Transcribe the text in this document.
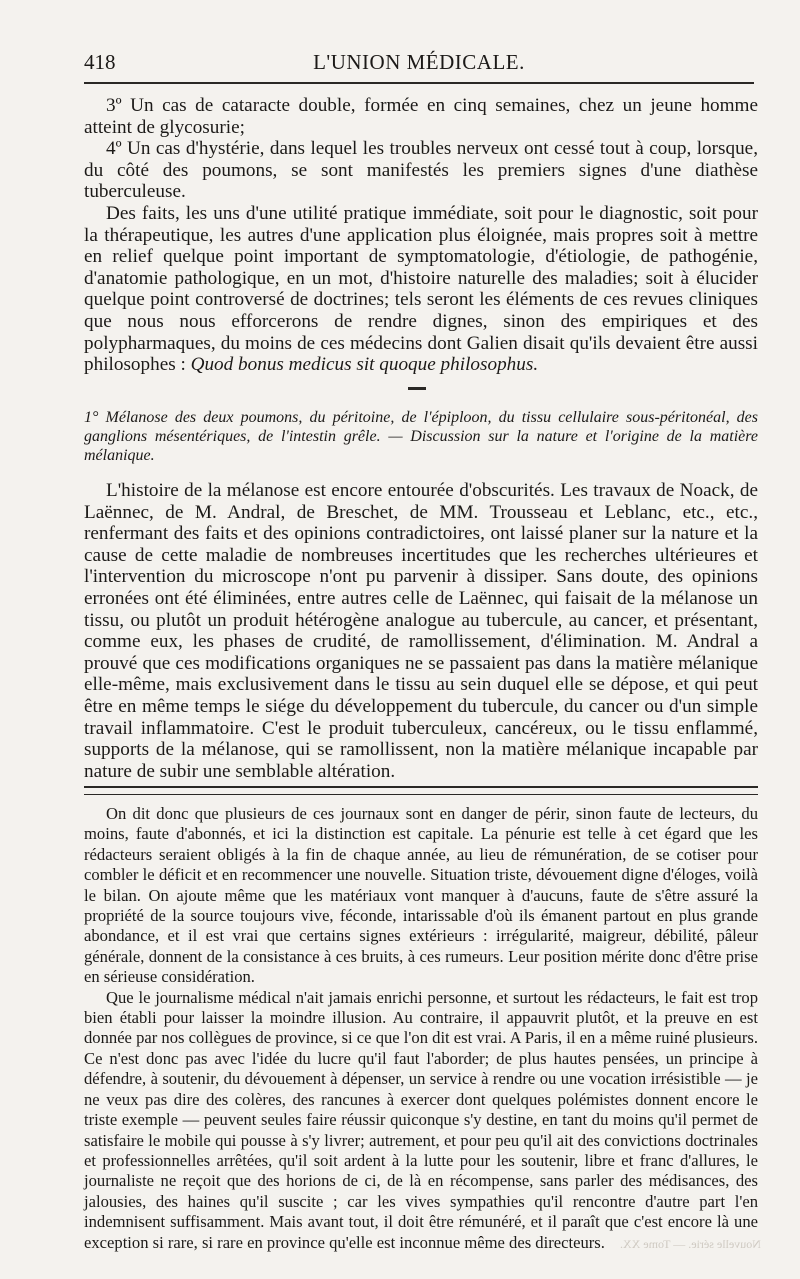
418	L'UNION MÉDICALE.

3º Un cas de cataracte double, formée en cinq semaines, chez un jeune homme atteint de glycosurie;

4º Un cas d'hystérie, dans lequel les troubles nerveux ont cessé tout à coup, lorsque, du côté des poumons, se sont manifestés les premiers signes d'une diathèse tuberculeuse.

Des faits, les uns d'une utilité pratique immédiate, soit pour le diagnostic, soit pour la thérapeutique, les autres d'une application plus éloignée, mais propres soit à mettre en relief quelque point important de symptomatologie, d'étiologie, de pathogénie, d'anatomie pathologique, en un mot, d'histoire naturelle des maladies; soit à élucider quelque point controversé de doctrines; tels seront les éléments de ces revues cliniques que nous nous efforcerons de rendre dignes, sinon des empiriques et des polypharmaques, du moins de ces médecins dont Galien disait qu'ils devaient être aussi philosophes : Quod bonus medicus sit quoque philosophus.

1° Mélanose des deux poumons, du péritoine, de l'épiploon, du tissu cellulaire sous-péritonéal, des ganglions mésentériques, de l'intestin grêle. — Discussion sur la nature et l'origine de la matière mélanique.

L'histoire de la mélanose est encore entourée d'obscurités. Les travaux de Noack, de Laënnec, de M. Andral, de Breschet, de MM. Trousseau et Leblanc, etc., etc., renfermant des faits et des opinions contradictoires, ont laissé planer sur la nature et la cause de cette maladie de nombreuses incertitudes que les recherches ultérieures et l'intervention du microscope n'ont pu parvenir à dissiper. Sans doute, des opinions erronées ont été éliminées, entre autres celle de Laënnec, qui faisait de la mélanose un tissu, ou plutôt un produit hétérogène analogue au tubercule, au cancer, et présentant, comme eux, les phases de crudité, de ramollissement, d'élimination. M. Andral a prouvé que ces modifications organiques ne se passaient pas dans la matière mélanique elle-même, mais exclusivement dans le tissu au sein duquel elle se dépose, et qui peut être en même temps le siége du développement du tubercule, du cancer ou d'un simple travail inflammatoire. C'est le produit tuberculeux, cancéreux, ou le tissu enflammé, supports de la mélanose, qui se ramollissent, non la matière mélanique incapable par nature de subir une semblable altération.

On dit donc que plusieurs de ces journaux sont en danger de périr, sinon faute de lecteurs, du moins, faute d'abonnés, et ici la distinction est capitale. La pénurie est telle à cet égard que les rédacteurs seraient obligés à la fin de chaque année, au lieu de rémunération, de se cotiser pour combler le déficit et en recommencer une nouvelle. Situation triste, dévouement digne d'éloges, voilà le bilan. On ajoute même que les matériaux vont manquer à d'aucuns, faute de s'être assuré la propriété de la source toujours vive, féconde, intarissable d'où ils émanent partout en plus grande abondance, et il est vrai que certains signes extérieurs : irrégularité, maigreur, débilité, pâleur générale, donnent de la consistance à ces bruits, à ces rumeurs. Leur position mérite donc d'être prise en sérieuse considération.

Que le journalisme médical n'ait jamais enrichi personne, et surtout les rédacteurs, le fait est trop bien établi pour laisser la moindre illusion. Au contraire, il appauvrit plutôt, et la preuve en est donnée par nos collègues de province, si ce que l'on dit est vrai. A Paris, il en a même ruiné plusieurs. Ce n'est donc pas avec l'idée du lucre qu'il faut l'aborder; de plus hautes pensées, un principe à défendre, à soutenir, du dévouement à dépenser, un service à rendre ou une vocation irrésistible — je ne veux pas dire des colères, des rancunes à exercer dont quelques polémistes donnent encore le triste exemple — peuvent seules faire réussir quiconque s'y destine, en tant du moins qu'il permet de satisfaire le mobile qui pousse à s'y livrer; autrement, et pour peu qu'il ait des convictions doctrinales et professionnelles arrêtées, qu'il soit ardent à la lutte pour les soutenir, libre et franc d'allures, le journaliste ne reçoit que des horions de ci, de là en récompense, sans parler des médisances, des jalousies, des haines qu'il suscite ; car les vives sympathies qu'il rencontre d'autre part l'en indemnisent suffisamment. Mais avant tout, il doit être rémunéré, et il paraît que c'est encore là une exception si rare, si rare en province qu'elle est inconnue même des directeurs.	Nouvelle série. — Tome XX.
